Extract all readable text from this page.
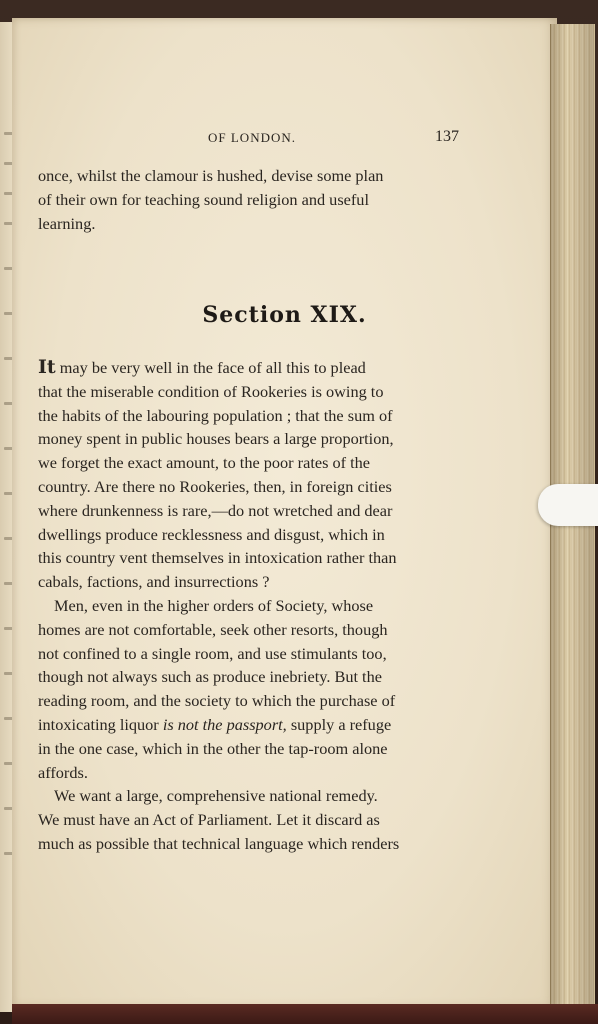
OF LONDON.	137

once, whilst the clamour is hushed, devise some plan

of their own for teaching sound religion and useful

learning.

Section XIX.

It may be very well in the face of all this to plead

that the miserable condition of Rookeries is owing to

the habits of the labouring population ; that the sum of

money spent in public houses bears a large proportion,

we forget the exact amount, to the poor rates of the

country. Are there no Rookeries, then, in foreign cities

where drunkenness is rare,—do not wretched and dear

dwellings produce recklessness and disgust, which in

this country vent themselves in intoxication rather than

cabals, factions, and insurrections ?

Men, even in the higher orders of Society, whose

homes are not comfortable, seek other resorts, though

not confined to a single room, and use stimulants too,

though not always such as produce inebriety. But the

reading room, and the society to which the purchase of

intoxicating liquor is not the passport, supply a refuge

in the one case, which in the other the tap-room alone

affords.

We want a large, comprehensive national remedy.

We must have an Act of Parliament. Let it discard as

much as possible that technical language which renders
